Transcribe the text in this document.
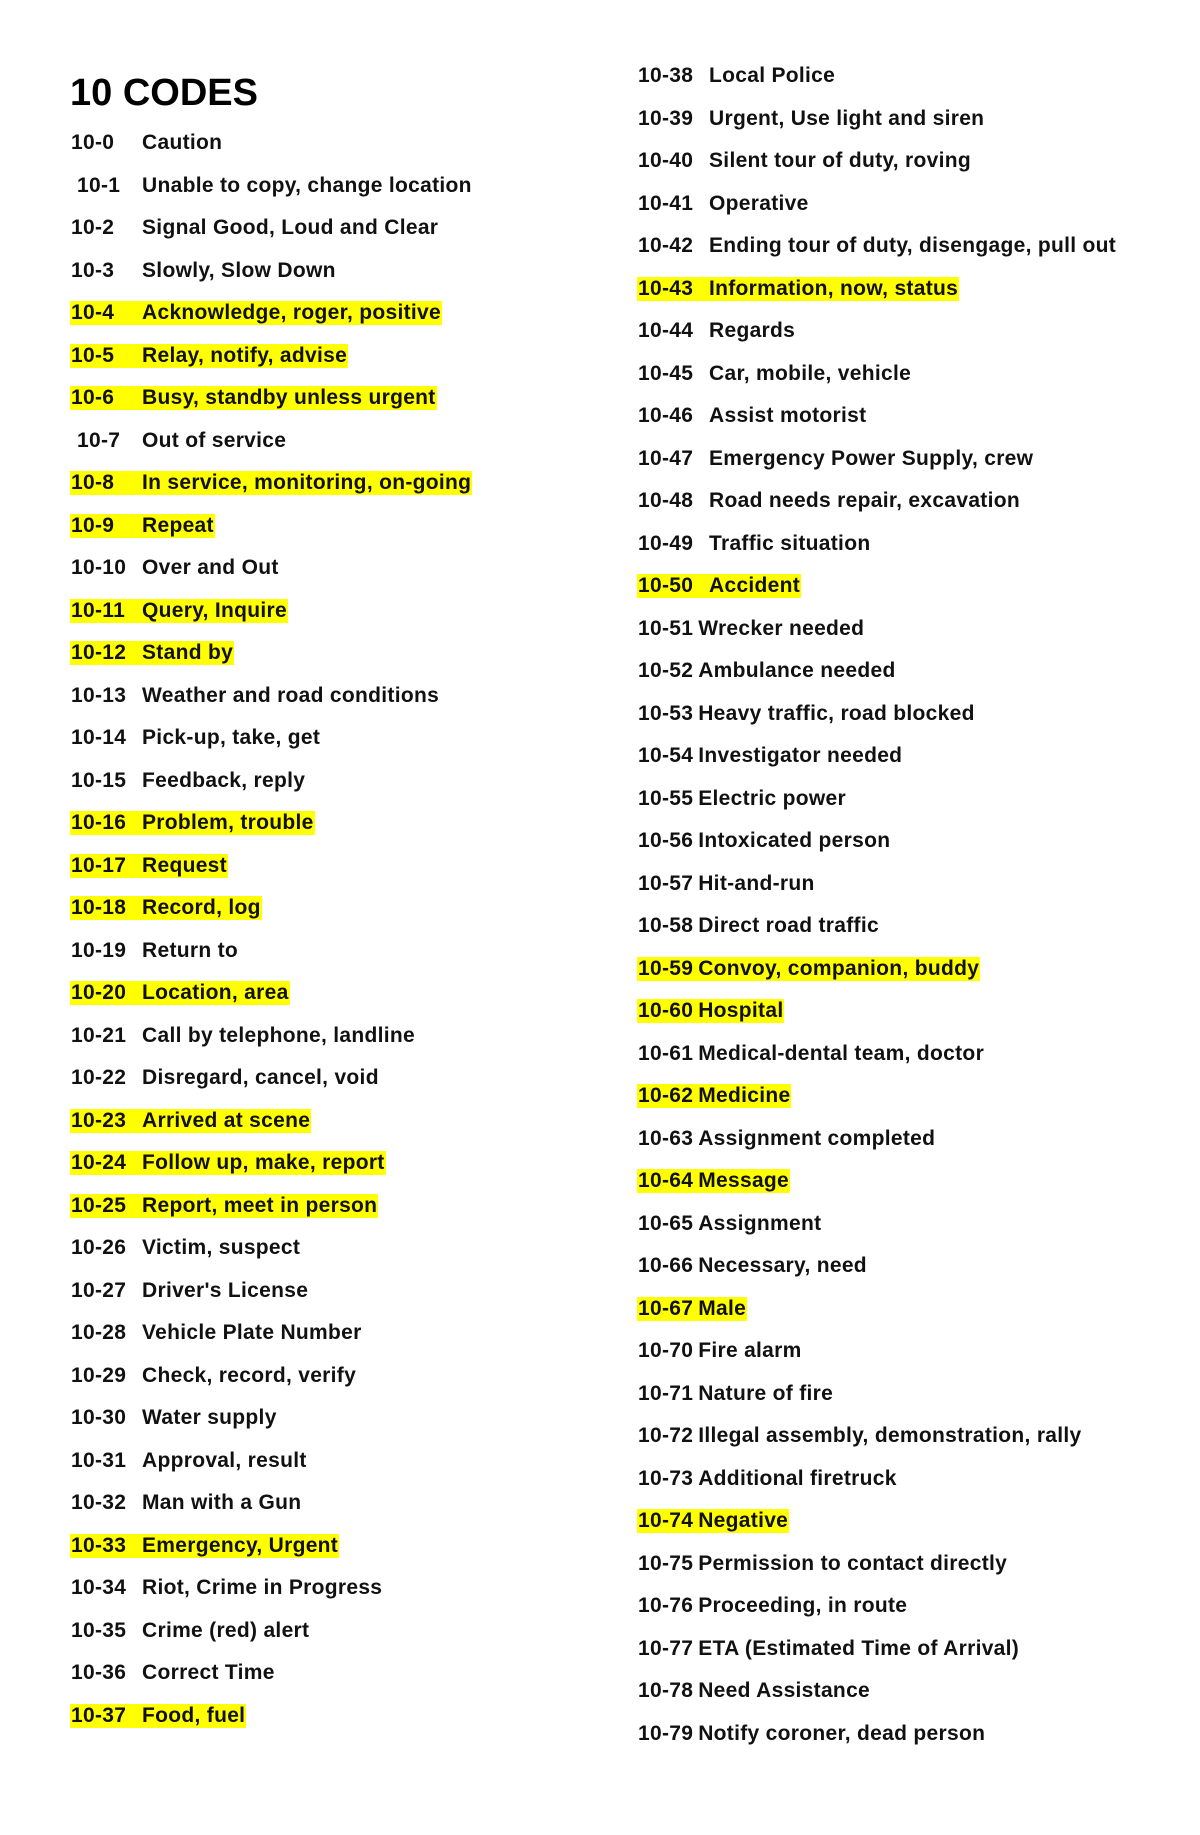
10 CODES
10-0 Caution
10-1 Unable to copy, change location
10-2 Signal Good, Loud and Clear
10-3 Slowly, Slow Down
10-4 Acknowledge, roger, positive
10-5 Relay, notify, advise
10-6 Busy, standby unless urgent
10-7 Out of service
10-8 In service, monitoring, on-going
10-9 Repeat
10-10 Over and Out
10-11 Query, Inquire
10-12 Stand by
10-13 Weather and road conditions
10-14 Pick-up, take, get
10-15 Feedback, reply
10-16 Problem, trouble
10-17 Request
10-18 Record, log
10-19 Return to
10-20 Location, area
10-21 Call by telephone, landline
10-22 Disregard, cancel, void
10-23 Arrived at scene
10-24 Follow up, make, report
10-25 Report, meet in person
10-26 Victim, suspect
10-27 Driver's License
10-28 Vehicle Plate Number
10-29 Check, record, verify
10-30 Water supply
10-31 Approval, result
10-32 Man with a Gun
10-33 Emergency, Urgent
10-34 Riot, Crime in Progress
10-35 Crime (red) alert
10-36 Correct Time
10-37 Food, fuel
10-38 Local Police
10-39 Urgent, Use light and siren
10-40 Silent tour of duty, roving
10-41 Operative
10-42 Ending tour of duty, disengage, pull out
10-43 Information, now, status
10-44 Regards
10-45 Car, mobile, vehicle
10-46 Assist motorist
10-47 Emergency Power Supply, crew
10-48 Road needs repair, excavation
10-49 Traffic situation
10-50 Accident
10-51 Wrecker needed
10-52 Ambulance needed
10-53 Heavy traffic, road blocked
10-54 Investigator needed
10-55 Electric power
10-56 Intoxicated person
10-57 Hit-and-run
10-58 Direct road traffic
10-59 Convoy, companion, buddy
10-60 Hospital
10-61 Medical-dental team, doctor
10-62 Medicine
10-63 Assignment completed
10-64 Message
10-65 Assignment
10-66 Necessary, need
10-67 Male
10-70 Fire alarm
10-71 Nature of fire
10-72 Illegal assembly, demonstration, rally
10-73 Additional firetruck
10-74 Negative
10-75 Permission to contact directly
10-76 Proceeding, in route
10-77 ETA (Estimated Time of Arrival)
10-78 Need Assistance
10-79 Notify coroner, dead person
